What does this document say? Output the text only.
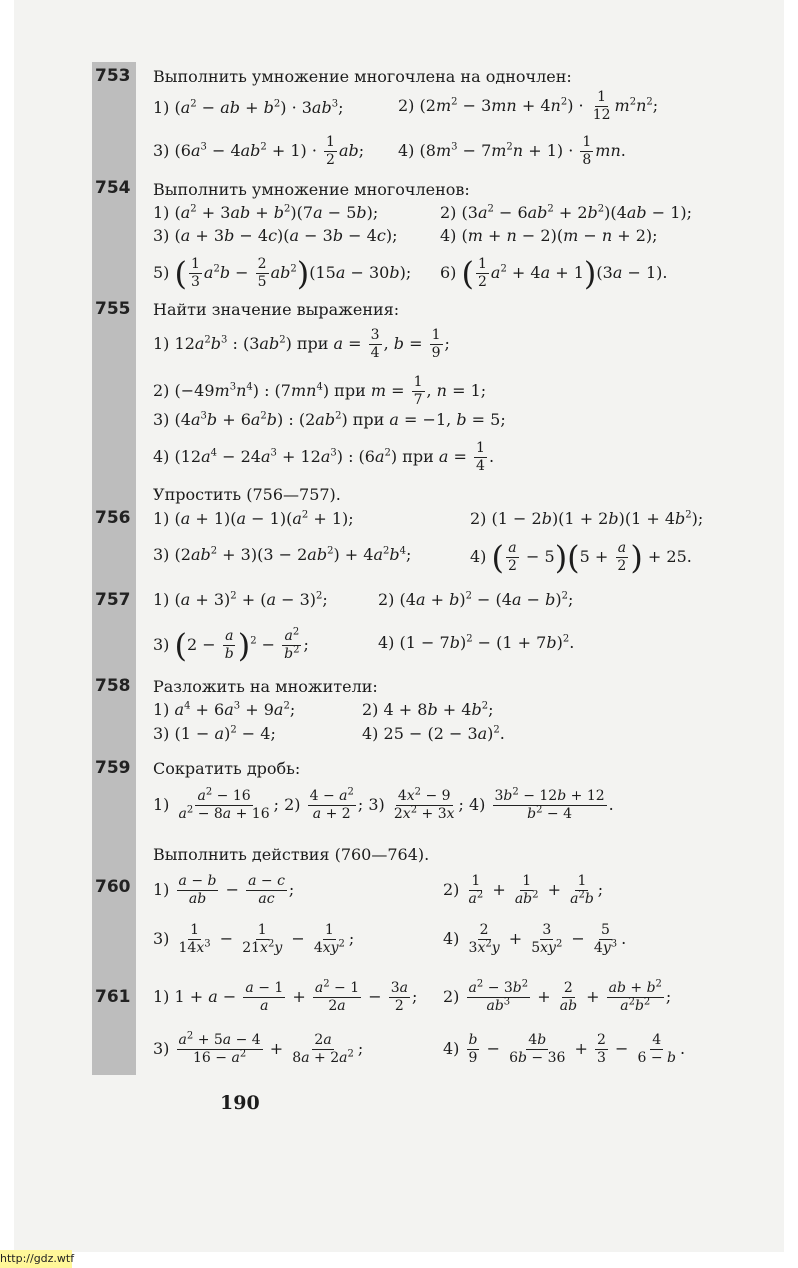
753 Выполнить умножение многочлена на одночлен:
1) ($a^2$ − ab + $b^2) \cdot 3ab^3$;	2) $(2m^2 - 3mn + 4n^2) \cdot \frac{1}{12} m^2n^2$;
3) $(6a^3 - 4ab^2 + 1) \cdot \frac{1}{2}$ ab; 4) $(8m^3 - 7m^2n + 1) \cdot \frac{1}{8}$ mn.
754 Выполнить умножение многочленов:
1) $(a^2 + 3ab + b^2)(7a - 5b)$;	2) $(3a^2 - 6ab^2 + 2b^2)(4ab - 1)$;
3) (a + 3b − 4c)(a − 3b − 4c);	4) (m + n − 2)(m − n + 2);
5) ( $\frac{1}{3} a^2b - \frac{2}{5} ab^2)(15a - 30b)$; 6) ( $\frac{1}{2} a^2 + 4a + 1)(3a - 1)$.
755 Найти значение выражения:
1) $12a^2b^3$ : $(3ab^2)$ при $a = \frac{3}{4}$ , $b = \frac{1}{9}$ ;
2) $(-49m^3n^4)$ : $(7mn^4)$ при $m = \frac{1}{7}$ , n = 1;
3) $(4a^3b + 6a^2b)$ : $(2ab^2)$ при a = −1, b = 5;
4) $(12a^4 - 24a^3 + 12a^3)$ : $(6a^2)$ при $a = \frac{1}{4}$ .
Упростить (756—757).
756 1) $(a + 1)(a - 1)(a^2 + 1)$;	2) $(1 - 2b)(1 + 2b)(1 + 4b^2)$;
3) $(2ab^2 + 3)(3 - 2ab^2) + 4a^2b^4$;	4) ( $\frac{a}{2} - 5)(5 + \frac{a}{2}$ ) + 25.
757 1) $(a + 3)^2 + (a - 3)^2$;	2) $(4a + b)^2 - (4a - b)^2$;
3) $(2 - \frac{a}{b} )^2 - \frac{a^2}{b^2}$ ;	4) $(1 - 7b)^2 - (1 + 7b)^2$.
758 Разложить на множители:
1) $a^4 + 6a^3 + 9a^2$;	2) $4 + 8b + 4b^2$;
3) $(1 - a)^2 - 4$;	4) $25 - (2 - 3a)^2$.
759 Сократить дробь:
$1) \frac{a^2 - 16}{a^2 - 8a + 16}$ ; $2) \frac{4 - a^2}{a + 2}$ ; $3) \frac{4x^2 - 9}{2x^2 + 3x}$ ; $4) \frac{3b^2 - 12b + 12}{b^2 - 4}$ .
Выполнить действия (760—764).
760 $1) \frac{a - b}{ab} - \frac{a - c}{ac}$ ;	$2) \frac{1}{a^2} + \frac{1}{ab^2} + \frac{1}{a^2b}$ ;
$3) \frac{1}{14x^3} - \frac{1}{21x^2y} - \frac{1}{4xy^2}$ ;	$4) \frac{2}{3x^2y} + \frac{3}{5xy^2} - \frac{5}{4y^3}$ .
761 1) $1 + a - \frac{a - 1}{a} + \frac{a^2 - 1}{2a} - \frac{3a}{2}$ ; $2) \frac{a^2 - 3b^2}{ab^3} + \frac{2}{ab} + \frac{ab + b^2}{a^2b^2}$ ;
$3) \frac{a^2 + 5a - 4}{16 - a^2} + \frac{2a}{8a + 2a^2}$ ;	$4) \frac{b}{9} - \frac{4b}{6b - 36} + \frac{2}{3} - \frac{4}{6 - b}$ .
190
http://gdz.wtf
